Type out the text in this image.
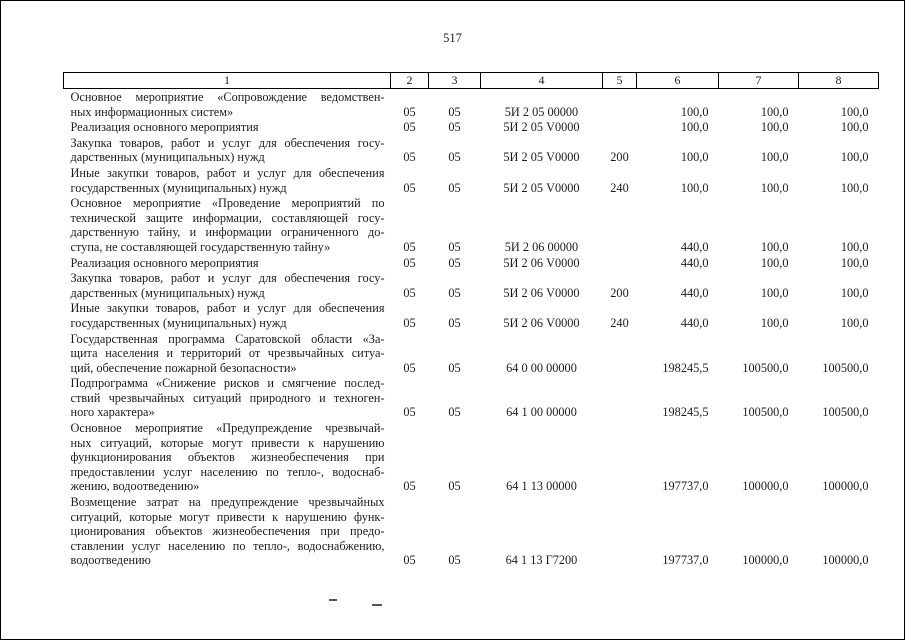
517
1	2	3	4	5	6	7	8

Основное мероприятие «Сопровождение ведомствен-
ных информационных систем»	05	05	5И 2 05 00000		100,0	100,0	100,0

Реализация основного мероприятия	05	05	5И 2 05 V0000		100,0	100,0	100,0

Закупка товаров, работ и услуг для обеспечения госу-
дарственных (муниципальных) нужд	05	05	5И 2 05 V0000	200	100,0	100,0	100,0

Иные закупки товаров, работ и услуг для обеспечения
государственных (муниципальных) нужд	05	05	5И 2 05 V0000	240	100,0	100,0	100,0

Основное мероприятие «Проведение мероприятий по
технической защите информации, составляющей госу-
дарственную тайну, и информации ограниченного до-
ступа, не составляющей государственную тайну»	05	05	5И 2 06 00000		440,0	100,0	100,0

Реализация основного мероприятия	05	05	5И 2 06 V0000		440,0	100,0	100,0

Закупка товаров, работ и услуг для обеспечения госу-
дарственных (муниципальных) нужд	05	05	5И 2 06 V0000	200	440,0	100,0	100,0

Иные закупки товаров, работ и услуг для обеспечения
государственных (муниципальных) нужд	05	05	5И 2 06 V0000	240	440,0	100,0	100,0

Государственная программа Саратовской области «За-
щита населения и территорий от чрезвычайных ситуа-
ций, обеспечение пожарной безопасности»	05	05	64 0 00 00000		198245,5	100500,0	100500,0

Подпрограмма «Снижение рисков и смягчение послед-
ствий чрезвычайных ситуаций природного и техноген-
ного характера»	05	05	64 1 00 00000		198245,5	100500,0	100500,0

Основное мероприятие «Предупреждение чрезвычай-
ных ситуаций, которые могут привести к нарушению
функционирования объектов жизнеобеспечения при
предоставлении услуг населению по тепло-, водоснаб-
жению, водоотведению»	05	05	64 1 13 00000		197737,0	100000,0	100000,0

Возмещение затрат на предупреждение чрезвычайных
ситуаций, которые могут привести к нарушению функ-
ционирования объектов жизнеобеспечения при предо-
ставлении услуг населению по тепло-, водоснабжению,
водоотведению	05	05	64 1 13 Г7200		197737,0	100000,0	100000,0
